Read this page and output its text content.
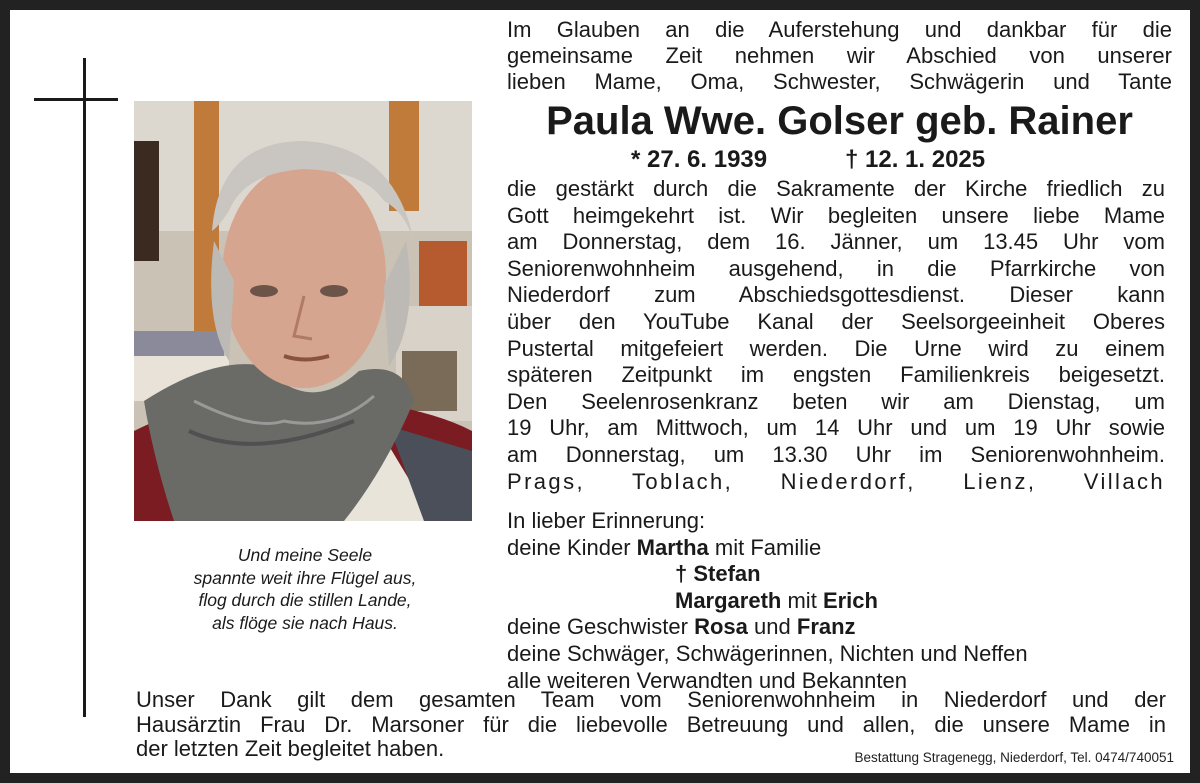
Und meine Seele
spannte weit ihre Flügel aus,
flog durch die stillen Lande,
als flöge sie nach Haus.
Im Glauben an die Auferstehung und dankbar für die
gemeinsame Zeit nehmen wir Abschied von unserer
lieben Mame, Oma, Schwester, Schwägerin und Tante
Paula Wwe. Golser geb. Rainer
* 27. 6. 1939	† 12. 1. 2025
die gestärkt durch die Sakramente der Kirche friedlich zu
Gott heimgekehrt ist. Wir begleiten unsere liebe Mame
am Donnerstag, dem 16. Jänner, um 13.45 Uhr vom
Seniorenwohnheim ausgehend, in die Pfarrkirche von
Niederdorf zum Abschiedsgottesdienst. Dieser kann
über den YouTube Kanal der Seelsorgeeinheit Oberes
Pustertal mitgefeiert werden. Die Urne wird zu einem
späteren Zeitpunkt im engsten Familienkreis beigesetzt.
Den Seelenrosenkranz beten wir am Dienstag, um
19 Uhr, am Mittwoch, um 14 Uhr und um 19 Uhr sowie
am Donnerstag, um 13.30 Uhr im Seniorenwohnheim.
Prags, Toblach, Niederdorf, Lienz, Villach
In lieber Erinnerung:
deine Kinder Martha mit Familie
† Stefan
Margareth mit Erich
deine Geschwister Rosa und Franz
deine Schwäger, Schwägerinnen, Nichten und Neffen
alle weiteren Verwandten und Bekannten
Unser Dank gilt dem gesamten Team vom Seniorenwohnheim in Niederdorf und der
Hausärztin Frau Dr. Marsoner für die liebevolle Betreuung und allen, die unsere Mame in
der letzten Zeit begleitet haben.	Bestattung Stragenegg, Niederdorf, Tel. 0474/740051
